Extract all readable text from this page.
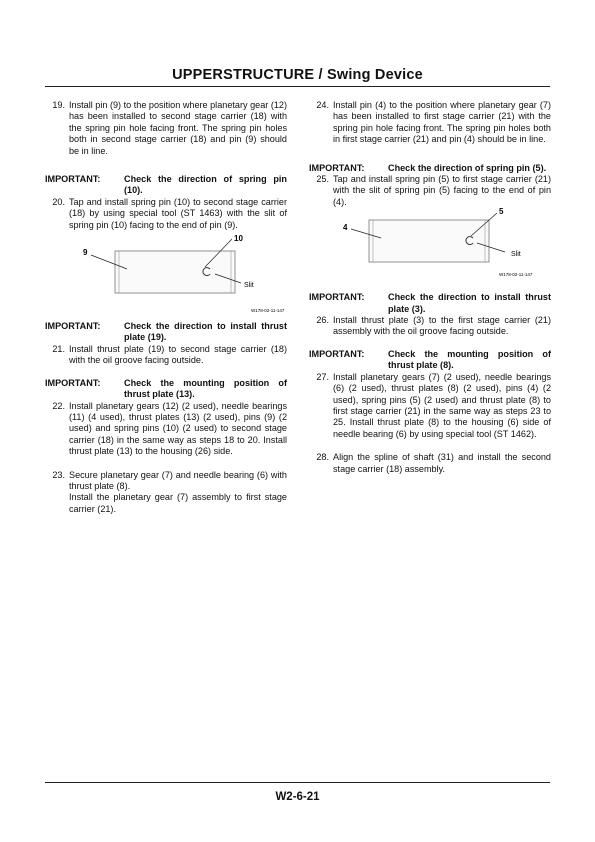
UPPERSTRUCTURE / Swing Device
19. Install pin (9) to the position where planetary gear (12) has been installed to second stage carrier (18) with the spring pin hole facing front. The spring pin holes both in second stage carrier (18) and pin (9) should be in line.
IMPORTANT:	Check the direction of spring pin (10).
20. Tap and install spring pin (10) to second stage carrier (18) by using special tool (ST 1463) with the slit of spring pin (10) facing to the end of pin (9).
9
10
Slit
W178-02-11-147
IMPORTANT:	Check the direction to install thrust plate (19).
21. Install thrust plate (19) to second stage carrier (18) with the oil groove facing outside.
IMPORTANT:	Check the mounting position of thrust plate (13).
22. Install planetary gears (12) (2 used), needle bearings (11) (4 used), thrust plates (13) (2 used), pins (9) (2 used) and spring pins (10) (2 used) to second stage carrier (18) in the same way as steps 18 to 20. Install thrust plate (13) to the housing (26) side.
23. Secure planetary gear (7) and needle bearing (6) with thrust plate (8).
Install the planetary gear (7) assembly to first stage carrier (21).
24. Install pin (4) to the position where planetary gear (7) has been installed to first stage carrier (21) with the spring pin hole facing front. The spring pin holes both in first stage carrier (21) and pin (4) should be in line.
IMPORTANT:	Check the direction of spring pin (5).
25. Tap and install spring pin (5) to first stage carrier (21) with the slit of spring pin (5) facing to the end of pin (4).
4
5
Slit
W178-02-11-147
IMPORTANT:	Check the direction to install thrust plate (3).
26. Install thrust plate (3) to the first stage carrier (21) assembly with the oil groove facing outside.
IMPORTANT:	Check the mounting position of thrust plate (8).
27. Install planetary gears (7) (2 used), needle bearings (6) (2 used), thrust plates (8) (2 used), pins (4) (2 used), spring pins (5) (2 used) and thrust plate (8) to first stage carrier (21) in the same way as steps 23 to 25. Install thrust plate (8) to the housing (6) side of needle bearing (6) by using special tool (ST 1462).
28. Align the spline of shaft (31) and install the second stage carrier (18) assembly.
W2-6-21
